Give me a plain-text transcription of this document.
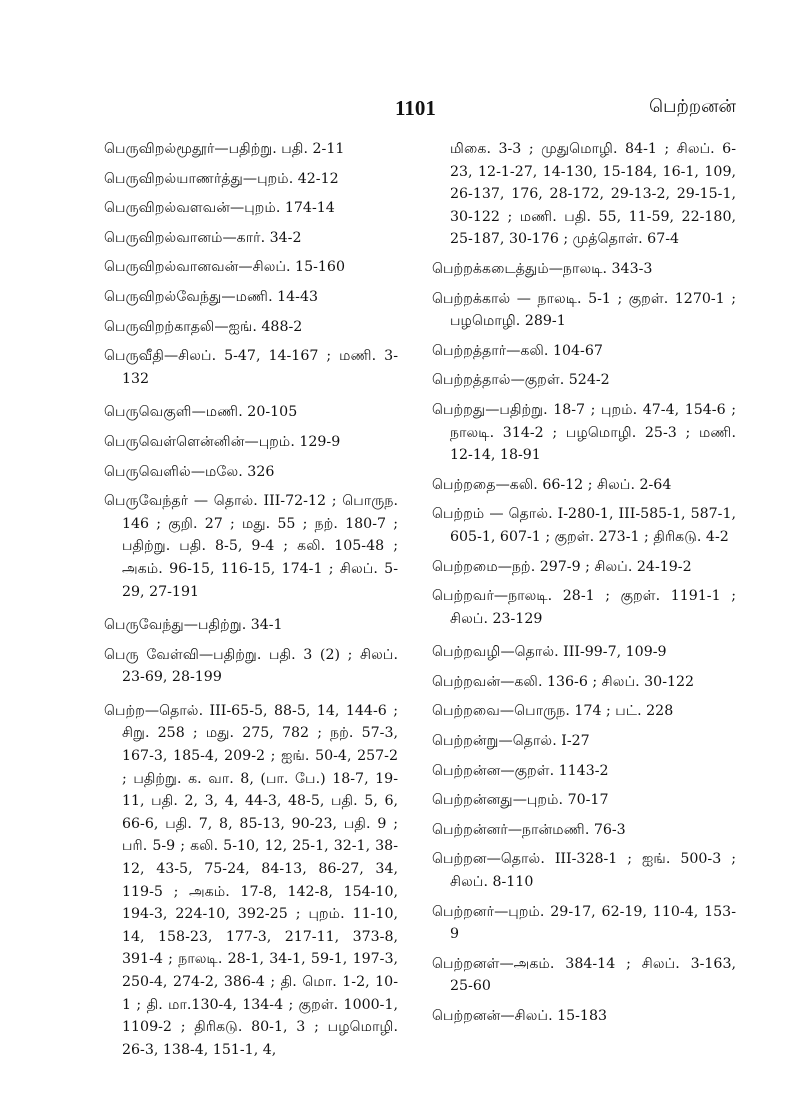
1101	பெற்றனன்

பெருவிறல்மூதூர்—பதிற்று. பதி. 2-11

பெருவிறல்யாணர்த்து—புறம். 42-12

பெருவிறல்வளவன்—புறம். 174-14

பெருவிறல்வானம்—கார். 34-2

பெருவிறல்வானவன்—சிலப். 15-160

பெருவிறல்வேந்து—மணி. 14-43

பெருவிறற்காதலி—ஐங். 488-2

பெருவீதி—சிலப். 5-47, 14-167 ; மணி. 3-132

பெருவெகுளி—மணி. 20-105

பெருவெள்ளென்னின்—புறம். 129-9

பெருவெளில்—மலே. 326

பெருவேந்தர் — தொல். III-72-12 ; பொருந. 146 ; குறி. 27 ; மது. 55 ; நற். 180-7 ; பதிற்று. பதி. 8-5, 9-4 ; கலி. 105-48 ; அகம். 96-15, 116-15, 174-1 ; சிலப். 5-29, 27-191

பெருவேந்து—பதிற்று. 34-1

பெரு வேள்வி—பதிற்று. பதி. 3 (2) ; சிலப். 23-69, 28-199

பெற்ற—தொல். III-65-5, 88-5, 14, 144-6 ; சிறு. 258 ; மது. 275, 782 ; நற். 57-3, 167-3, 185-4, 209-2 ; ஐங். 50-4, 257-2 ; பதிற்று. க. வா. 8, (பா. பே.) 18-7, 19-11, பதி. 2, 3, 4, 44-3, 48-5, பதி. 5, 6, 66-6, பதி. 7, 8, 85-13, 90-23, பதி. 9 ; பரி. 5-9 ; கலி. 5-10, 12, 25-1, 32-1, 38-12, 43-5, 75-24, 84-13, 86-27, 34, 119-5 ; அகம். 17-8, 142-8, 154-10, 194-3, 224-10, 392-25 ; புறம். 11-10, 14, 158-23, 177-3, 217-11, 373-8, 391-4 ; நாலடி. 28-1, 34-1, 59-1, 197-3, 250-4, 274-2, 386-4 ; தி. மொ. 1-2, 10-1 ; தி. மா.130-4, 134-4 ; குறள். 1000-1, 1109-2 ; திரிகடு. 80-1, 3 ; பழமொழி. 26-3, 138-4, 151-1, 4,

மிகை. 3-3 ; முதுமொழி. 84-1 ; சிலப். 6-23, 12-1-27, 14-130, 15-184, 16-1, 109, 26-137, 176, 28-172, 29-13-2, 29-15-1, 30-122 ; மணி. பதி. 55, 11-59, 22-180, 25-187, 30-176 ; முத்தொள். 67-4

பெற்றக்கடைத்தும்—நாலடி. 343-3

பெற்றக்கால் — நாலடி. 5-1 ; குறள். 1270-1 ; பழமொழி. 289-1

பெற்றத்தார்—கலி. 104-67

பெற்றத்தால்—குறள். 524-2

பெற்றது—பதிற்று. 18-7 ; புறம். 47-4, 154-6 ; நாலடி. 314-2 ; பழமொழி. 25-3 ; மணி. 12-14, 18-91

பெற்றதை—கலி. 66-12 ; சிலப். 2-64

பெற்றம் — தொல். I-280-1, III-585-1, 587-1, 605-1, 607-1 ; குறள். 273-1 ; திரிகடு. 4-2

பெற்றமை—நற். 297-9 ; சிலப். 24-19-2

பெற்றவர்—நாலடி. 28-1 ; குறள். 1191-1 ; சிலப். 23-129

பெற்றவழி—தொல். III-99-7, 109-9

பெற்றவன்—கலி. 136-6 ; சிலப். 30-122

பெற்றவை—பொருந. 174 ; பட். 228

பெற்றன்று—தொல். I-27

பெற்றன்ன—குறள். 1143-2

பெற்றன்னது—புறம். 70-17

பெற்றன்னர்—நான்மணி. 76-3

பெற்றன—தொல். III-328-1 ; ஐங். 500-3 ; சிலப். 8-110

பெற்றனர்—புறம். 29-17, 62-19, 110-4, 153-9

பெற்றனள்—அகம். 384-14 ; சிலப். 3-163, 25-60

பெற்றனன்—சிலப். 15-183
